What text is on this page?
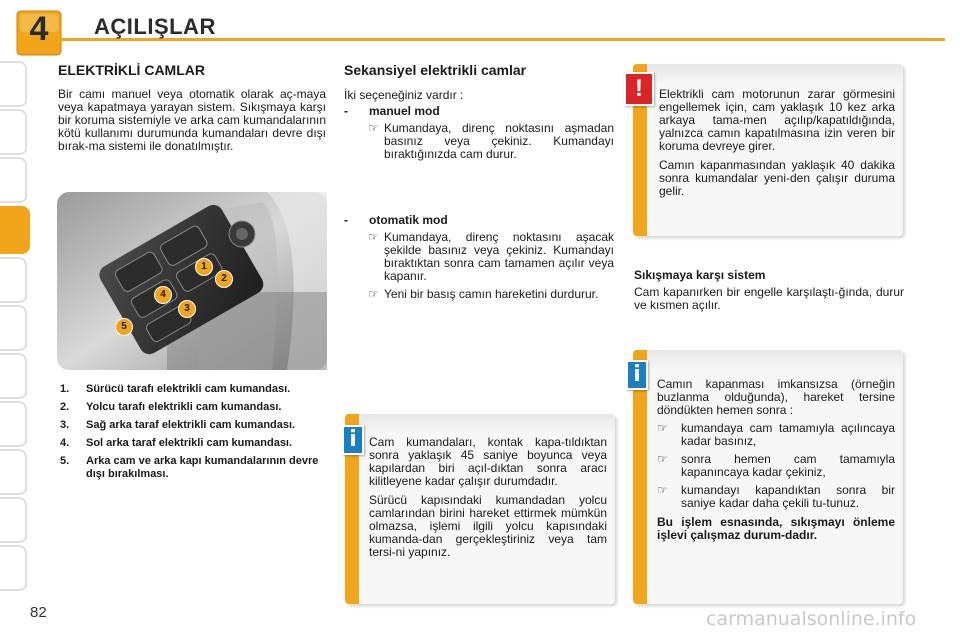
4	AÇILIŞLAR
ELEKTRİKLİ CAMLAR
Bir camı manuel veya otomatik olarak aç-maya veya kapatmaya yarayan sistem. Sıkışmaya karşı bir koruma sistemiyle ve arka cam kumandalarının kötü kullanımı durumunda kumandaları devre dışı bırak-ma sistemi ile donatılmıştır.
1
2
3
4
5
1.	Sürücü tarafı elektrikli cam kumandası.
2.	Yolcu tarafı elektrikli cam kumandası.
3.	Sağ arka taraf elektrikli cam kumandası.
4.	Sol arka taraf elektrikli cam kumandası.
5.	Arka cam ve arka kapı kumandalarının devre dışı bırakılması.
Sekansiyel elektrikli camlar
İki seçeneğiniz vardır :
-	manuel mod
☞ Kumandaya, direnç noktasını aşmadan basınız veya çekiniz. Kumandayı bıraktığınızda cam durur.
-	otomatik mod
☞ Kumandaya, direnç noktasını aşacak şekilde basınız veya çekiniz. Kumandayı bıraktıktan sonra cam tamamen açılır veya kapanır.
☞ Yeni bir basış camın hareketini durdurur.
Cam kumandaları, kontak kapa-tıldıktan sonra yaklaşık 45 saniye boyunca veya kapılardan biri açıl-dıktan sonra aracı kilitleyene kadar çalışır durumdadır.
Sürücü kapısındaki kumandadan yolcu camlarından birini hareket ettirmek mümkün olmazsa, işlemi ilgili yolcu kapısındaki kumanda-dan gerçekleştiriniz veya tam tersi-ni yapınız.
i
Elektrikli cam motorunun zarar görmesini engellemek için, cam yaklaşık 10 kez arka arkaya tama-men açılıp/kapatıldığında, yalnızca camın kapatılmasına izin veren bir koruma devreye girer.
Camın kapanmasından yaklaşık 40 dakika sonra kumandalar yeni-den çalışır duruma gelir.
!
Sıkışmaya karşı sistem
Cam kapanırken bir engelle karşılaştı-ğında, durur ve kısmen açılır.
Camın kapanması imkansızsa (örneğin buzlanma olduğunda), hareket tersine döndükten hemen sonra :
☞	kumandaya cam tamamıyla açılıncaya kadar basınız,
☞	sonra hemen cam tamamıyla kapanıncaya kadar çekiniz,
☞	kumandayı kapandıktan sonra bir saniye kadar daha çekili tu-tunuz.
Bu işlem esnasında, sıkışmayı önleme işlevi çalışmaz durum-dadır.
i
82	carmanualsonline.info
